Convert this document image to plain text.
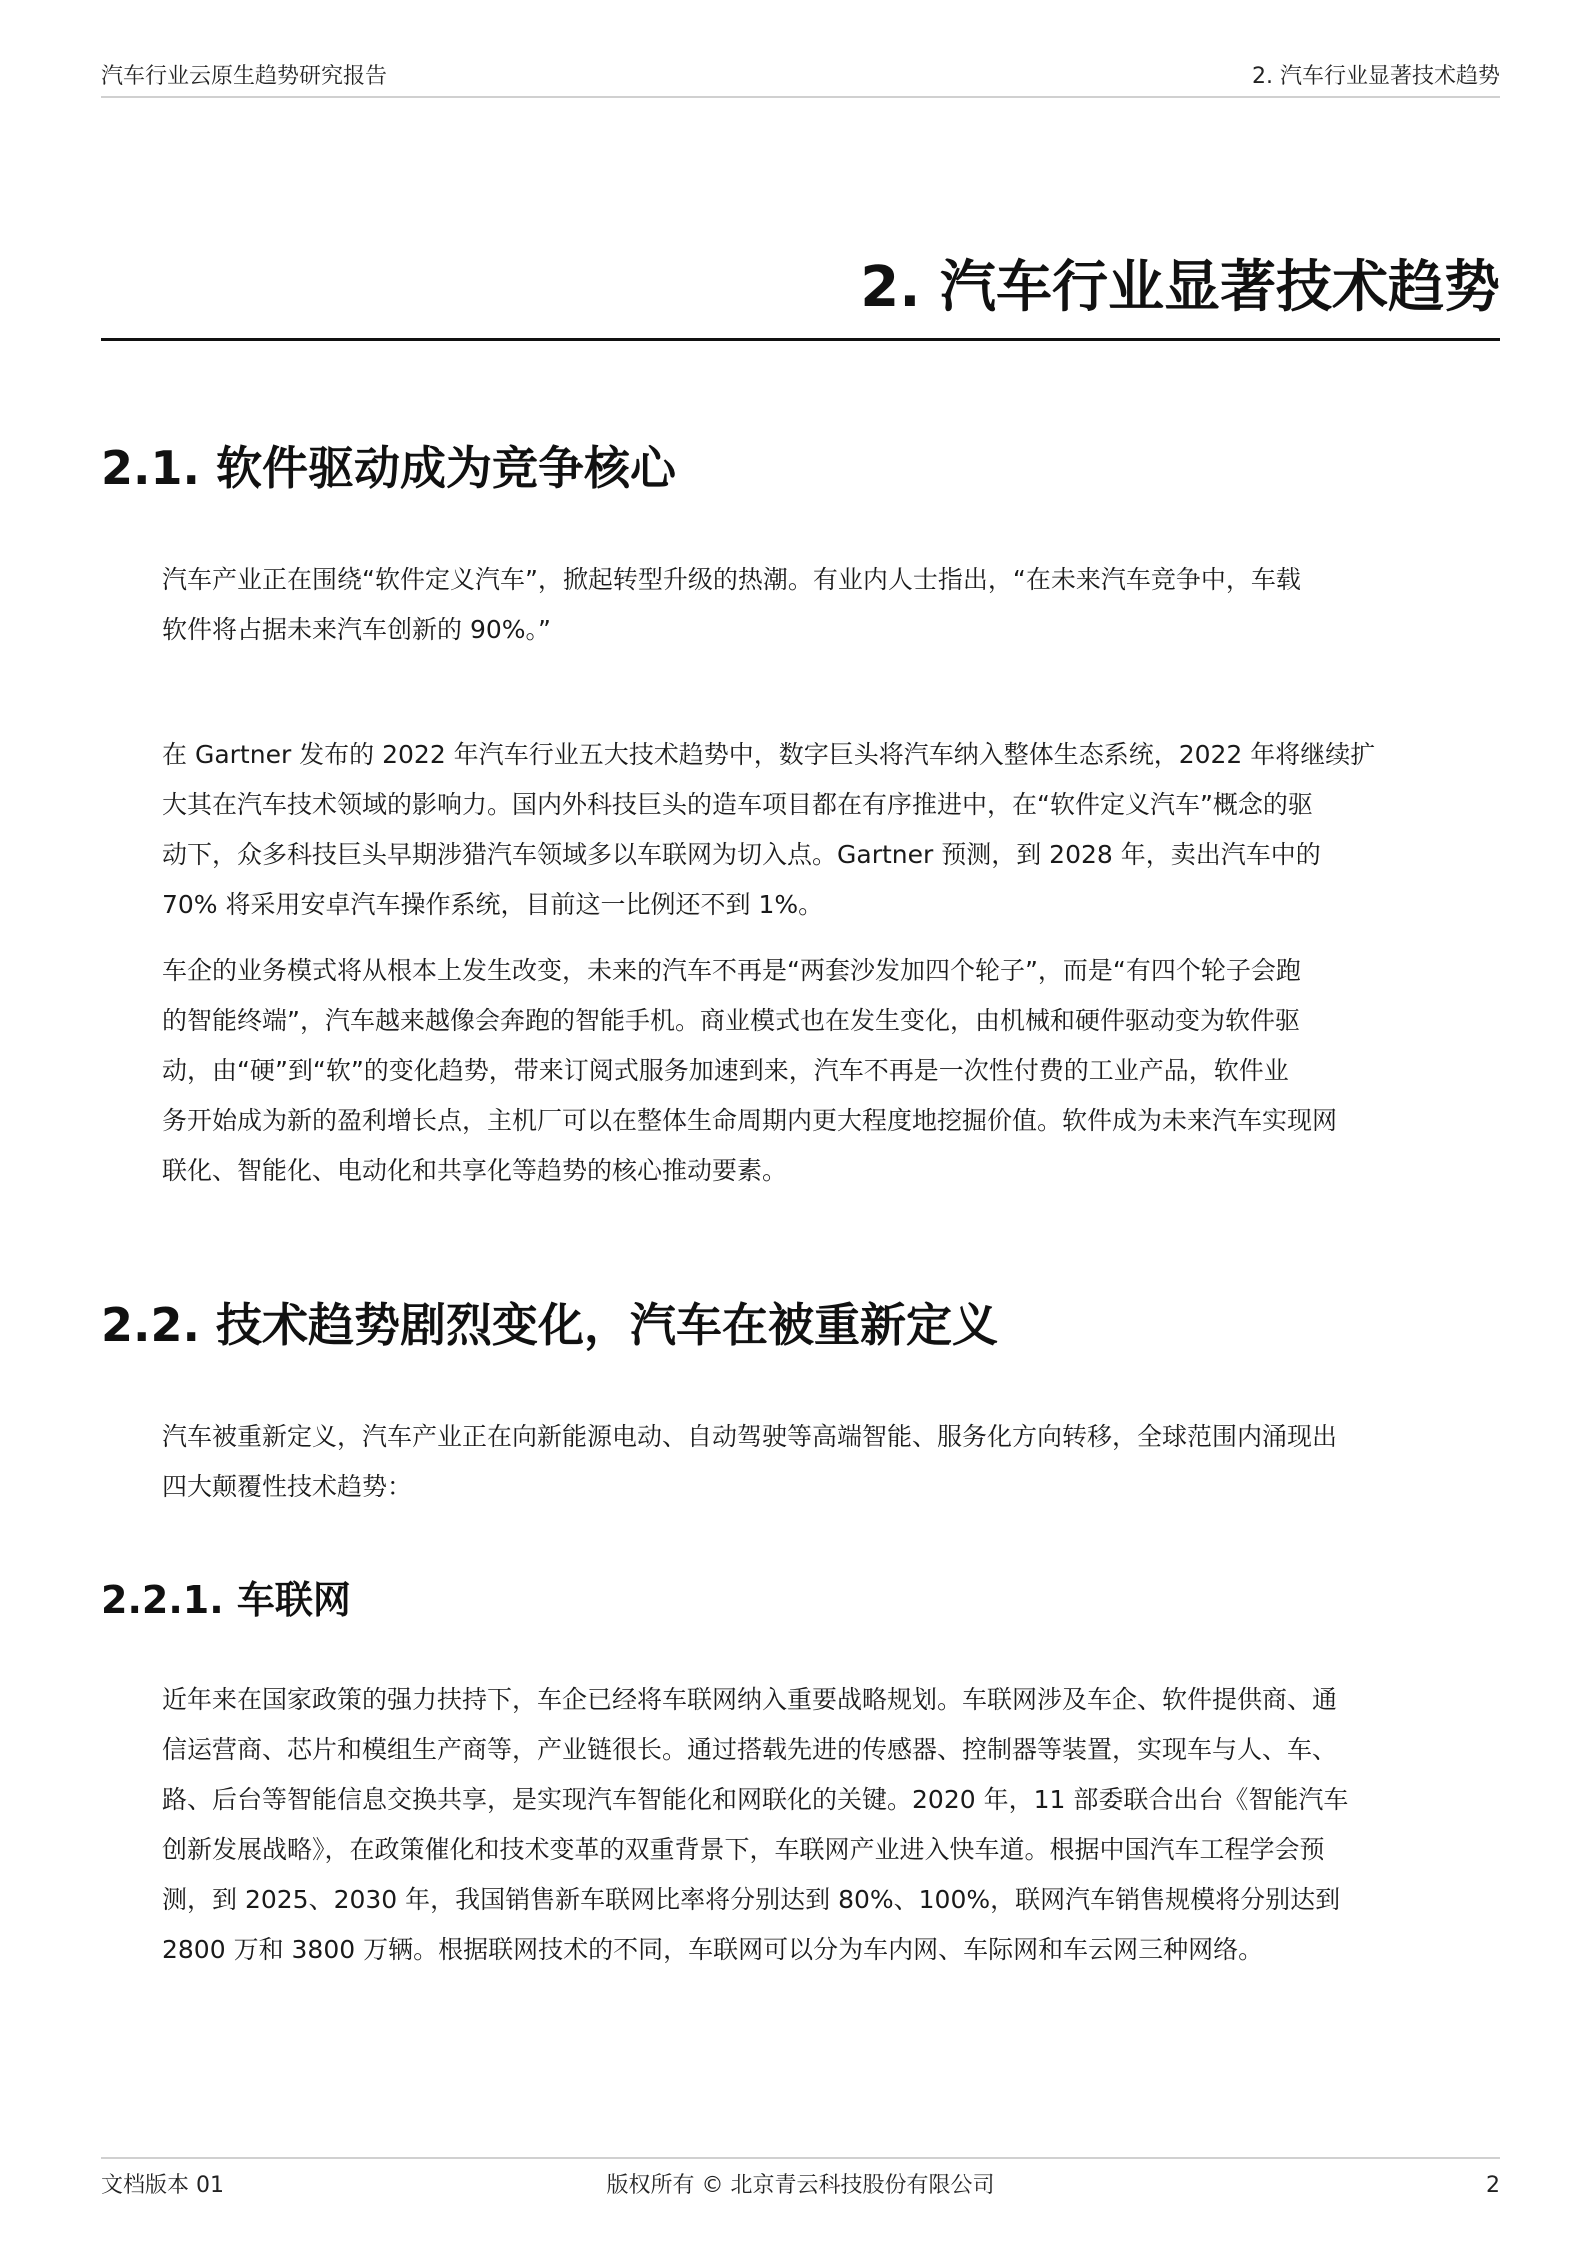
汽车行业云原生趋势研究报告	2. 汽车行业显著技术趋势
2. 汽车行业显著技术趋势
2.1. 软件驱动成为竞争核心
汽车产业正在围绕“软件定义汽车”，掀起转型升级的热潮。有业内人士指出，“在未来汽车竞争中，车载
软件将占据未来汽车创新的 90%。”
在 Gartner 发布的 2022 年汽车行业五大技术趋势中，数字巨头将汽车纳入整体生态系统，2022 年将继续扩
大其在汽车技术领域的影响力。国内外科技巨头的造车项目都在有序推进中，在“软件定义汽车”概念的驱
动下，众多科技巨头早期涉猎汽车领域多以车联网为切入点。Gartner 预测，到 2028 年，卖出汽车中的
70% 将采用安卓汽车操作系统，目前这一比例还不到 1%。
车企的业务模式将从根本上发生改变，未来的汽车不再是“两套沙发加四个轮子”，而是“有四个轮子会跑
的智能终端”，汽车越来越像会奔跑的智能手机。商业模式也在发生变化，由机械和硬件驱动变为软件驱
动，由“硬”到“软”的变化趋势，带来订阅式服务加速到来，汽车不再是一次性付费的工业产品，软件业
务开始成为新的盈利增长点，主机厂可以在整体生命周期内更大程度地挖掘价值。软件成为未来汽车实现网
联化、智能化、电动化和共享化等趋势的核心推动要素。
2.2. 技术趋势剧烈变化，汽车在被重新定义
汽车被重新定义，汽车产业正在向新能源电动、自动驾驶等高端智能、服务化方向转移，全球范围内涌现出
四大颠覆性技术趋势：
2.2.1. 车联网
近年来在国家政策的强力扶持下，车企已经将车联网纳入重要战略规划。车联网涉及车企、软件提供商、通
信运营商、芯片和模组生产商等，产业链很长。通过搭载先进的传感器、控制器等装置，实现车与人、车、
路、后台等智能信息交换共享，是实现汽车智能化和网联化的关键。2020 年，11 部委联合出台《智能汽车
创新发展战略》，在政策催化和技术变革的双重背景下，车联网产业进入快车道。根据中国汽车工程学会预
测，到 2025、2030 年，我国销售新车联网比率将分别达到 80%、100%，联网汽车销售规模将分别达到
2800 万和 3800 万辆。根据联网技术的不同，车联网可以分为车内网、车际网和车云网三种网络。
文档版本 01	版权所有 © 北京青云科技股份有限公司	2
